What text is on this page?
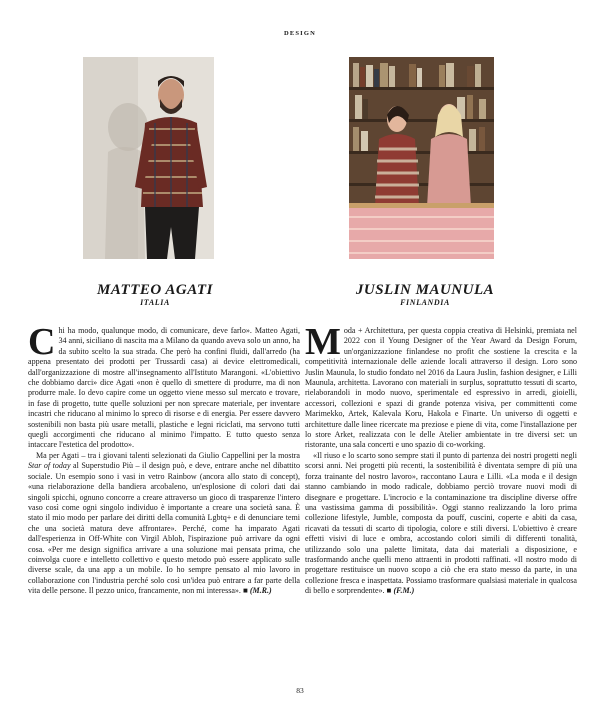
DESIGN
MATTEO AGATI
ITALIA
JUSLIN MAUNULA
FINLANDIA

Chi ha modo, qualunque modo, di comunicare, deve farlo». Matteo Agati, 34 anni, siciliano di nascita ma a Milano da quando aveva solo un anno, ha da subito scelto la sua strada. Che però ha confini fluidi, dall'arredo (ha appena presentato dei prodotti per Trussardi casa) ai device elettromedicali, dall'organizzazione di mostre all'insegnamento all'Istituto Marangoni. «L'obiettivo che dobbiamo darci» dice Agati «non è quello di smettere di produrre, ma di non produrre male. Io devo capire come un oggetto viene messo sul mercato e trovare, in fase di progetto, tutte quelle soluzioni per non sprecare materiale, per inventare incastri che riducano al minimo lo spreco di risorse e di energia. Per essere davvero sostenibili non basta più usare metalli, plastiche e legni riciclati, ma servono tutti quegli accorgimenti che riducano al minimo l'impatto. E tutto questo senza intaccare l'estetica del prodotto».

Ma per Agati – tra i giovani talenti selezionati da Giulio Cappellini per la mostra Star of today al Superstudio Più – il design può, e deve, entrare anche nel dibattito sociale. Un esempio sono i vasi in vetro Rainbow (ancora allo stato di concept), «una rielaborazione della bandiera arcobaleno, un'esplosione di colori dati dai singoli spicchi, ognuno concorre a creare attraverso un gioco di trasparenze l'intero vaso così come ogni singolo individuo è importante a creare una società sana. È stato il mio modo per parlare dei diritti della comunità Lgbtq+ e di denunciare temi che una società matura deve affrontare». Perché, come ha imparato Agati dall'esperienza in Off-White con Virgil Abloh, l'ispirazione può arrivare da ogni cosa. «Per me design significa arrivare a una soluzione mai pensata prima, che coinvolga cuore e intelletto collettivo e questo metodo può essere applicato sulle diverse scale, da una app a un mobile. Io ho sempre pensato al mio lavoro in collaborazione con l'industria perché solo così un'idea può entrare a far parte della vita delle persone. Il pezzo unico, francamente, non mi interessa». ■ (M.R.)

Moda + Architettura, per questa coppia creativa di Helsinki, premiata nel 2022 con il Young Designer of the Year Award da Design Forum, un'organizzazione finlandese no profit che sostiene la crescita e la competitività internazionale delle aziende locali attraverso il design. Loro sono Juslin Maunula, lo studio fondato nel 2016 da Laura Juslin, fashion designer, e Lilli Maunula, architetta. Lavorano con materiali in surplus, soprattutto tessuti di scarto, rielaborandoli in modo nuovo, sperimentale ed espressivo in arredi, gioielli, accessori, collezioni e spazi di grande potenza visiva, per committenti come Marimekko, Artek, Kalevala Koru, Hakola e Finarte. Un universo di oggetti e architetture dalle linee ricercate ma preziose e piene di vita, come l'installazione per lo store Arket, realizzata con le delle Atelier ambientate in tre diversi set: un ristorante, una sala concerti e uno spazio di co-working.

«Il riuso e lo scarto sono sempre stati il punto di partenza dei nostri progetti negli scorsi anni. Nei progetti più recenti, la sostenibilità è diventata sempre di più una forza trainante del nostro lavoro», raccontano Laura e Lilli. «La moda e il design stanno cambiando in modo radicale, dobbiamo perciò trovare nuovi modi di disegnare e progettare. L'incrocio e la contaminazione tra discipline diverse offre una vastissima gamma di possibilità». Oggi stanno realizzando la loro prima collezione lifestyle, Jumble, composta da pouff, cuscini, coperte e abiti da casa, ricavati da tessuti di scarto di tipologia, colore e stili diversi. L'obiettivo è creare effetti visivi di luce e ombra, accostando colori simili di differenti tonalità, utilizzando solo una palette limitata, data dai materiali a disposizione, e trasformando anche quelli meno attraenti in prodotti raffinati. «Il nostro modo di progettare restituisce un nuovo scopo a ciò che era stato messo da parte, in una collezione fresca e inaspettata. Possiamo trasformare qualsiasi materiale in qualcosa di bello e sorprendente». ■ (F.M.)

83
